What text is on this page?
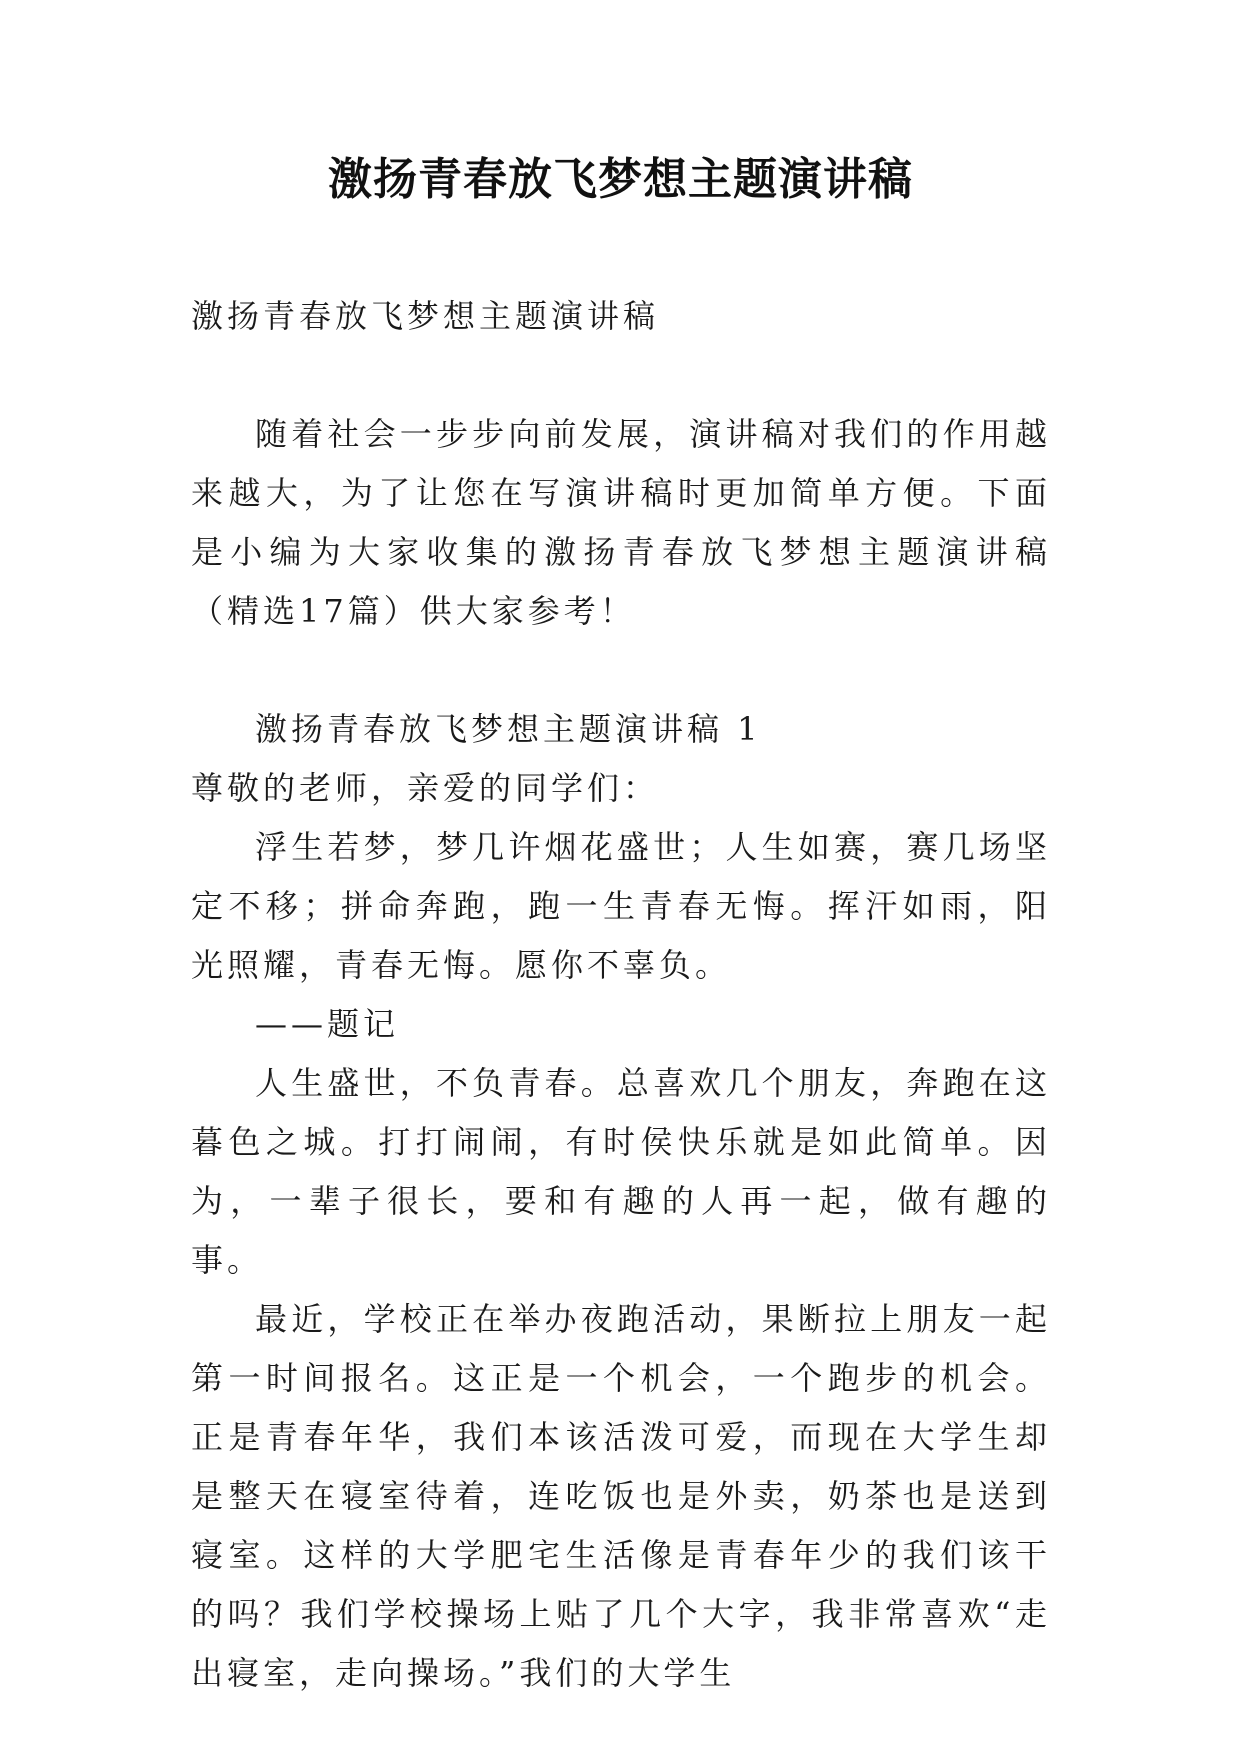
激扬青春放飞梦想主题演讲稿

激扬青春放飞梦想主题演讲稿

随着社会一步步向前发展，演讲稿对我们的作用越来越大，为了让您在写演讲稿时更加简单方便。下面是小编为大家收集的激扬青春放飞梦想主题演讲稿（精选17篇）供大家参考！

激扬青春放飞梦想主题演讲稿 1

尊敬的老师，亲爱的同学们：

浮生若梦，梦几许烟花盛世；人生如赛，赛几场坚定不移；拼命奔跑，跑一生青春无悔。挥汗如雨，阳光照耀，青春无悔。愿你不辜负。

——题记

人生盛世，不负青春。总喜欢几个朋友，奔跑在这暮色之城。打打闹闹，有时侯快乐就是如此简单。因为，一辈子很长，要和有趣的人再一起，做有趣的事。

最近，学校正在举办夜跑活动，果断拉上朋友一起第一时间报名。这正是一个机会，一个跑步的机会。正是青春年华，我们本该活泼可爱，而现在大学生却是整天在寝室待着，连吃饭也是外卖，奶茶也是送到寝室。这样的大学肥宅生活像是青春年少的我们该干的吗？我们学校操场上贴了几个大字，我非常喜欢“走出寝室，走向操场。”我们的大学生
